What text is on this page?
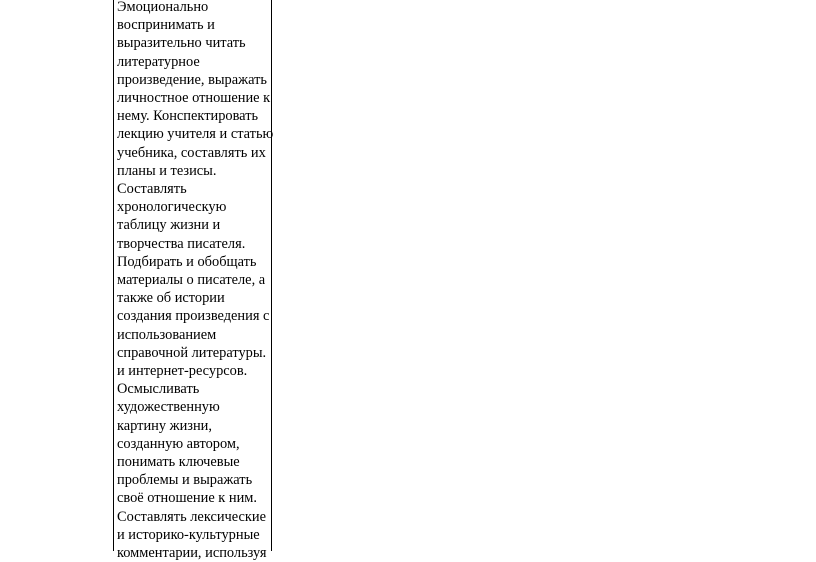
Эмоционально
воспринимать и
выразительно читать
литературное
произведение, выражать
личностное отношение к
нему. Конспектировать
лекцию учителя и статью
учебника, составлять их
планы и тезисы.
Составлять
хронологическую
таблицу жизни и
творчества писателя.
Подбирать и обобщать
материалы о писателе, а
также об истории
создания произведения с
использованием
справочной литературы.
и интернет-ресурсов.
Осмысливать
художественную
картину жизни,
созданную автором,
понимать ключевые
проблемы и выражать
своё отношение к ним.
Составлять лексические
и историко-культурные
комментарии, используя
